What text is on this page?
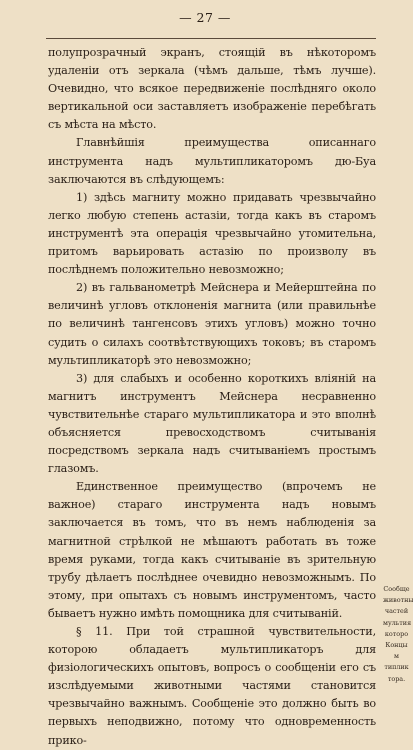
— 27 —

полупрозрачный экранъ, стоящій въ нѣкоторомъ удаленіи отъ зеркала (чѣмъ дальше, тѣмъ лучше). Очевидно, что всякое передвиженіе послѣдняго около вертикальной оси заставляетъ изображеніе перебѣгать съ мѣста на мѣсто.

Главнѣйшія преимущества описаннаго инструмента надъ мультипликаторомъ дю-Буа заключаются въ слѣдующемъ:

1) здѣсь магниту можно придавать чрезвычайно легко любую степень астазіи, тогда какъ въ старомъ инструментѣ эта операція чрезвычайно утомительна, притомъ варьировать астазію по произволу въ послѣднемъ положительно невозможно;

2) въ гальванометрѣ Мейснера и Мейерштейна по величинѣ угловъ отклоненія магнита (или правильнѣе по величинѣ тангенсовъ этихъ угловъ) можно точно судить о силахъ соотвѣтствующихъ токовъ; въ старомъ мультипликаторѣ это невозможно;

3) для слабыхъ и особенно короткихъ вліяній на магнитъ инструментъ Мейснера несравненно чувствительнѣе стараго мультипликатора и это вполнѣ объясняется превосходствомъ считыванія посредствомъ зеркала надъ считываніемъ простымъ глазомъ.

Единственное преимущество (впрочемъ не важное) стараго инструмента надъ новымъ заключается въ томъ, что въ немъ наблюденія за магнитной стрѣлкой не мѣшаютъ работать въ тоже время руками, тогда какъ считываніе въ зрительную трубу дѣлаетъ послѣднее очевидно невозможнымъ. По этому, при опытахъ съ новымъ инструментомъ, часто бываетъ нужно имѣть помощника для считываній.

§ 11. При той страшной чувствительности, которою обладаетъ мультипликаторъ для физіологическихъ опытовъ, вопросъ о сообщеніи его съ изслѣдуемыми животными частями становится чрезвычайно важнымъ. Сообщеніе это должно быть во первыхъ неподвижно, потому что одновременность прико-

Сообще
животны
частей
мультия
которо
Концы м
типлик
тора.
